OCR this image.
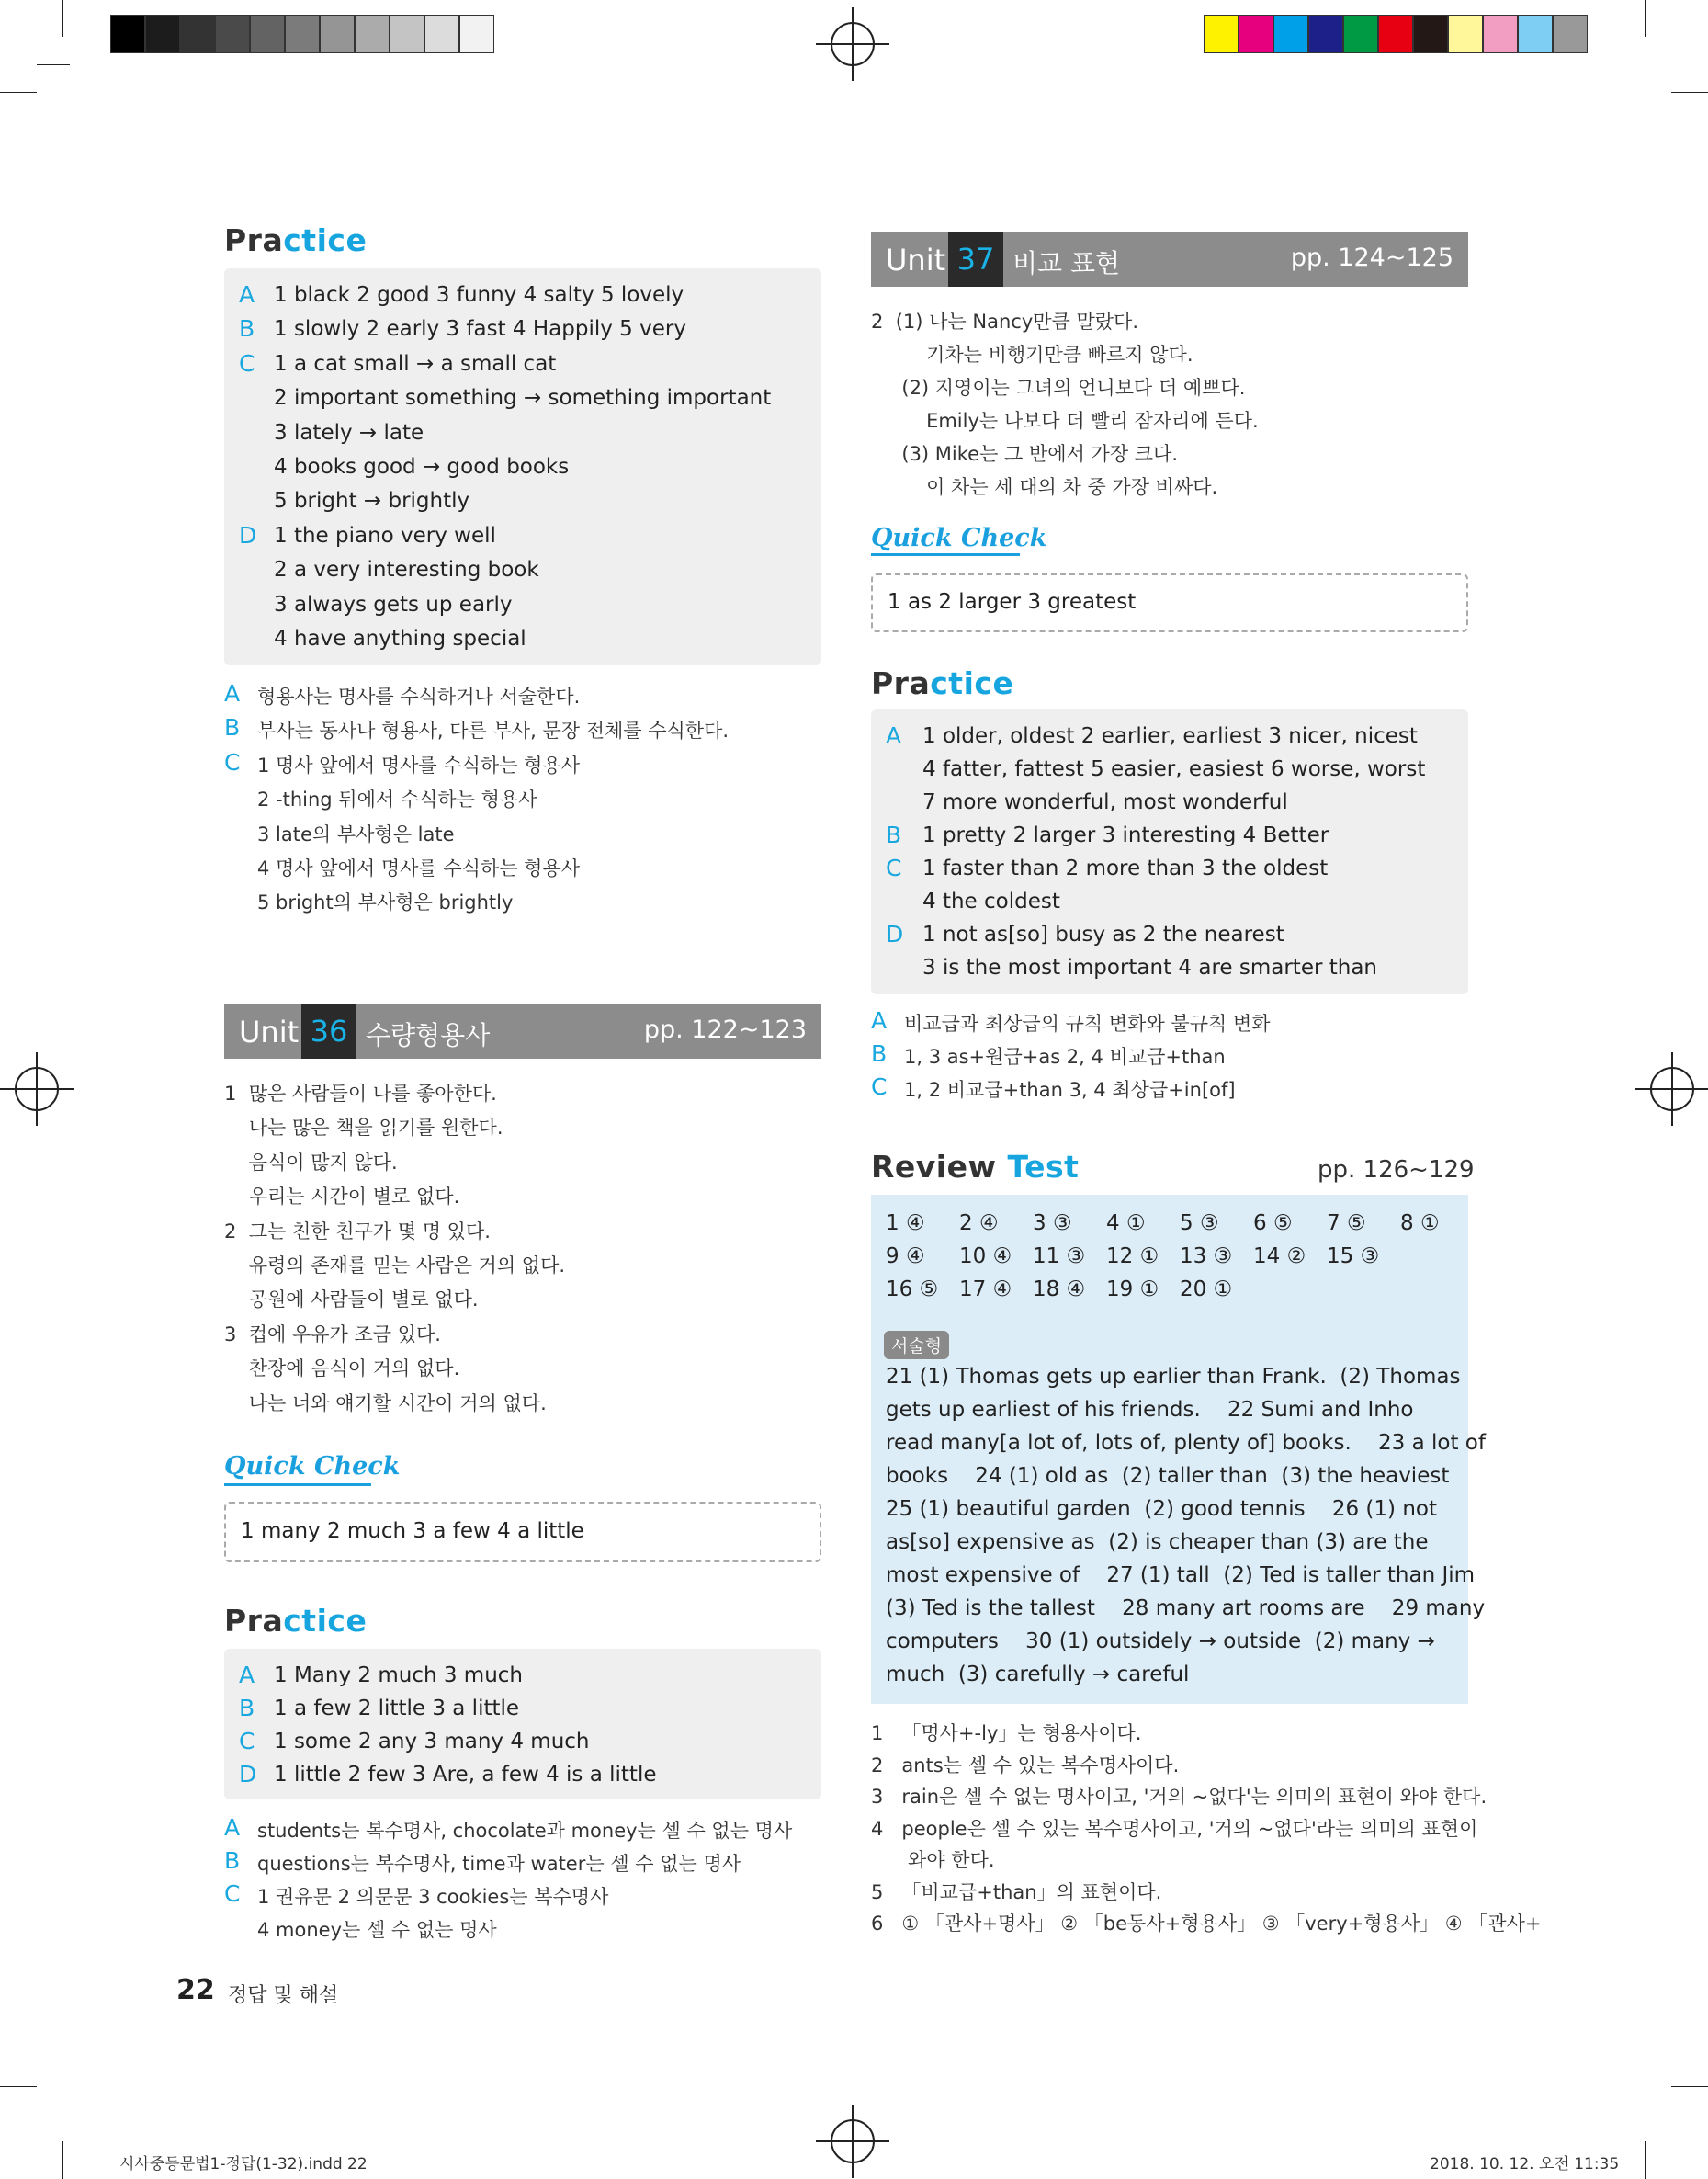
Practice
A 1 black 2 good 3 funny 4 salty 5 lovely
B 1 slowly 2 early 3 fast 4 Happily 5 very
C 1 a cat small → a small cat
2 important something → something important
3 lately → late
4 books good → good books
5 bright → brightly
D 1 the piano very well
2 a very interesting book
3 always gets up early
4 have anything special
A 형용사는 명사를 수식하거나 서술한다.
B 부사는 동사나 형용사, 다른 부사, 문장 전체를 수식한다.
C 1 명사 앞에서 명사를 수식하는 형용사
2 -thing 뒤에서 수식하는 형용사
3 late의 부사형은 late
4 명사 앞에서 명사를 수식하는 형용사
5 bright의 부사형은 brightly
Unit 36 수량형용사	pp. 122~123
1  많은 사람들이 나를 좋아한다.
나는 많은 책을 읽기를 원한다.
음식이 많지 않다.
우리는 시간이 별로 없다.
2  그는 친한 친구가 몇 명 있다.
유령의 존재를 믿는 사람은 거의 없다.
공원에 사람들이 별로 없다.
3  컵에 우유가 조금 있다.
찬장에 음식이 거의 없다.
나는 너와 얘기할 시간이 거의 없다.
Quick Check
1 many 2 much 3 a few 4 a little
Practice
A 1 Many 2 much 3 much
B 1 a few 2 little 3 a little
C 1 some 2 any 3 many 4 much
D 1 little 2 few 3 Are, a few 4 is a little
A students는 복수명사, chocolate과 money는 셀 수 없는 명사
B questions는 복수명사, time과 water는 셀 수 없는 명사
C 1 권유문 2 의문문 3 cookies는 복수명사
4 money는 셀 수 없는 명사
22 정답 및 해설
Unit 37 비교 표현	pp. 124~125
2  (1) 나는 Nancy만큼 말랐다.
기차는 비행기만큼 빠르지 않다.
(2) 지영이는 그녀의 언니보다 더 예쁘다.
Emily는 나보다 더 빨리 잠자리에 든다.
(3) Mike는 그 반에서 가장 크다.
이 차는 세 대의 차 중 가장 비싸다.
Quick Check
1 as 2 larger 3 greatest
Practice
A 1 older, oldest 2 earlier, earliest 3 nicer, nicest
4 fatter, fattest 5 easier, easiest 6 worse, worst
7 more wonderful, most wonderful
B 1 pretty 2 larger 3 interesting 4 Better
C 1 faster than 2 more than 3 the oldest
4 the coldest
D 1 not as[so] busy as 2 the nearest
3 is the most important 4 are smarter than
A 비교급과 최상급의 규칙 변화와 불규칙 변화
B 1, 3 as+원급+as 2, 4 비교급+than
C 1, 2 비교급+than 3, 4 최상급+in[of]
Review Test	pp. 126~129
1 ④ 2 ④ 3 ③ 4 ① 5 ③ 6 ⑤ 7 ⑤ 8 ①
9 ④ 10 ④ 11 ③ 12 ① 13 ③ 14 ② 15 ③
16 ⑤ 17 ④ 18 ④ 19 ① 20 ①
서술형
21 (1) Thomas gets up earlier than Frank.  (2) Thomas
gets up earliest of his friends.    22 Sumi and Inho
read many[a lot of, lots of, plenty of] books.    23 a lot of
books    24 (1) old as  (2) taller than  (3) the heaviest
25 (1) beautiful garden  (2) good tennis    26 (1) not
as[so] expensive as  (2) is cheaper than (3) are the
most expensive of    27 (1) tall  (2) Ted is taller than Jim
(3) Ted is the tallest    28 many art rooms are    29 many
computers    30 (1) outsidely → outside  (2) many →
much  (3) carefully → careful
1   「명사+-ly」는 형용사이다.
2   ants는 셀 수 있는 복수명사이다.
3   rain은 셀 수 없는 명사이고, '거의 ~없다'는 의미의 표현이 와야 한다.
4   people은 셀 수 있는 복수명사이고, '거의 ~없다'라는 의미의 표현이
와야 한다.
5   「비교급+than」의 표현이다.
6   ① 「관사+명사」 ② 「be동사+형용사」 ③ 「very+형용사」 ④ 「관사+
시사중등문법1-정답(1-32).indd 22	2018. 10. 12. 오전 11:35
